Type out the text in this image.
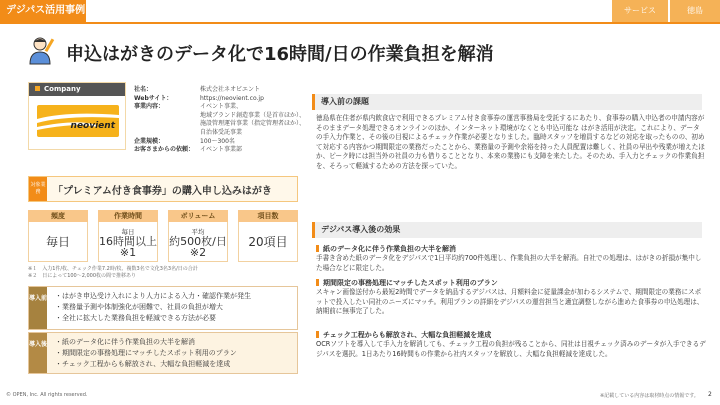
デジパス活用事例	サービス	徳島
申込はがきのデータ化で16時間/日の作業負担を解消
Company
neovient
社名：	株式会社ネオビエント
Webサイト：	https://neovient.co.jp
事業内容：	イベント事業、
地域ブランド創造事業（是首市ほか）、
施設管理運営事業（指定管理者ほか）、
自治体受託事業
企業規模：	100〜300名
お客さまからの依頼： イベント事業部
対象業務	「プレミアム付き食事券」の購入申し込みはがき
頻度
毎日
作業時間
毎日
16時間以上※1
ボリューム
平均
約500枚/日※2
項目数
20項目
※１　入力1件/枚、チェック作業7.2時/枚、複数3名で文化3名3名/日の合計
※２　日によって100〜2,000枚の間で推移あり
導入前	・ はがき申込受け入れにより人力による入力・確認作業が発生
・ 業務量予測や体制強化が困難で、社員の負担が増大
・ 全社に拡大した業務負担を軽減できる方法が必要
導入後	・ 紙のデータ化に伴う作業負担の大半を解消
・ 期間限定の事務処理にマッチしたスポット利用のプラン
・ チェック工程からも解放され、大幅な負担軽減を達成
導入前の課題
徳島県在住者が県内飲食店で利用できるプレミアム付き食事券の運営事務局を受託するにあたり、食事券の購入申込者の申請内容がそのままデータ処理できるオンラインのほか、インターネット環境がなくとも申込可能な はがき活用が決定。これにより、データの手入力作業と、その後の目視によるチェック作業が必要となりました。臨時スタッフを増員するなどの対応を取ったものの、初めて対応する内容かつ期間限定の業務だったことから、業務量の予測や余裕を持った人員配置は難しく、社員の早出や残業が増えたほか、ピーク時には担当外の社員の力も借りることとなり、本来の業務にも支障を来たした。そのため、手入力とチェックの作業負担を、そろって軽減するための方法を探っていた。
デジパス導入後の効果
紙のデータ化に伴う作業負担の大半を解消
手書き含めた紙のデータ化をデジパスで1日平均約700件処理し、作業負担の大半を解消。自社での処理は、はがきの折損が集中した場合などに限定した。
期間限定の事務処理にマッチしたスポット利用のプラン
スキャン画像送付から最短2時間でデータを納品するデジパスは、月額料金に従量課金が加わるシステムで、期間限定の業務にスポットで投入したい同社のニーズにマッチ。利用プランの詳細をデジパスの運営担当と適宜調整しながら進めた食事券の申込処理は、納期前に無事完了した。
チェック工程からも解放され、大幅な負担軽減を達成
OCRソフトを導入して手入力を解消しても、チェック工程の負担が残ることから、同社は目視チェック済みのデータが入手できるデジパスを選択。1日あたり16時間もの作業から社内スタッフを解放し、大幅な負担軽減を達成した。
© OPEN, Inc. All rights reserved.	※記載している内容は取材時点の情報です。 2
